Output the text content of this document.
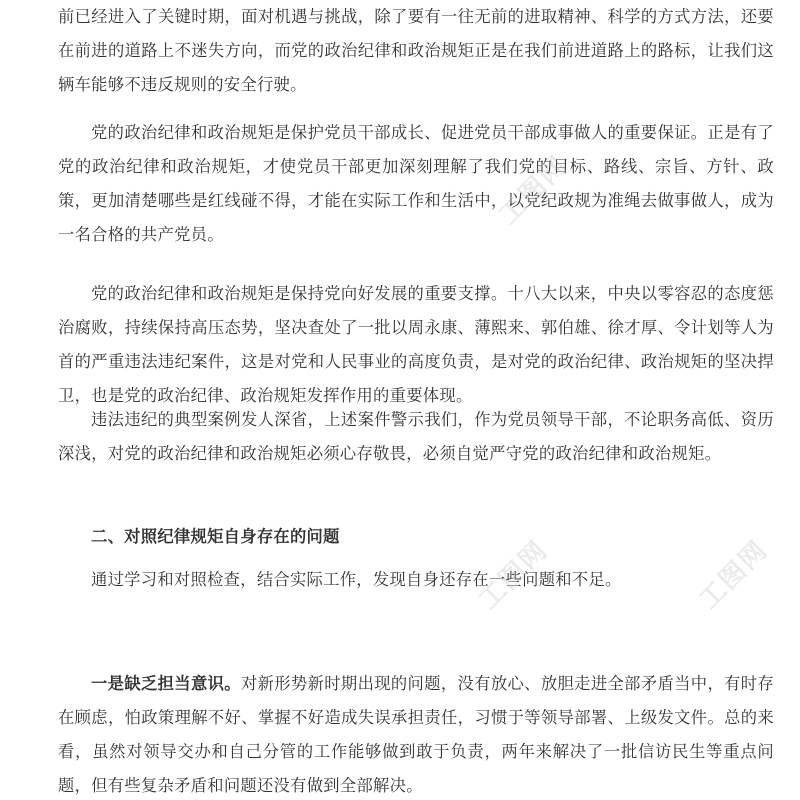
前已经进入了关键时期，面对机遇与挑战，除了要有一往无前的进取精神、科学的方式方法，还要在前进的道路上不迷失方向，而党的政治纪律和政治规矩正是在我们前进道路上的路标，让我们这辆车能够不违反规则的安全行驶。

党的政治纪律和政治规矩是保护党员干部成长、促进党员干部成事做人的重要保证。正是有了党的政治纪律和政治规矩，才使党员干部更加深刻理解了我们党的目标、路线、宗旨、方针、政策，更加清楚哪些是红线碰不得，才能在实际工作和生活中，以党纪政规为准绳去做事做人，成为一名合格的共产党员。

党的政治纪律和政治规矩是保持党向好发展的重要支撑。十八大以来，中央以零容忍的态度惩治腐败，持续保持高压态势，坚决查处了一批以周永康、薄熙来、郭伯雄、徐才厚、令计划等人为首的严重违法违纪案件，这是对党和人民事业的高度负责，是对党的政治纪律、政治规矩的坚决捍卫，也是党的政治纪律、政治规矩发挥作用的重要体现。

违法违纪的典型案例发人深省，上述案件警示我们，作为党员领导干部，不论职务高低、资历深浅，对党的政治纪律和政治规矩必须心存敬畏，必须自觉严守党的政治纪律和政治规矩。

二、对照纪律规矩自身存在的问题

通过学习和对照检查，结合实际工作，发现自身还存在一些问题和不足。

一是缺乏担当意识。对新形势新时期出现的问题，没有放心、放胆走进全部矛盾当中，有时存在顾虑，怕政策理解不好、掌握不好造成失误承担责任，习惯于等领导部署、上级发文件。总的来看，虽然对领导交办和自己分管的工作能够做到敢于负责，两年来解决了一批信访民生等重点问题，但有些复杂矛盾和问题还没有做到全部解决。

工图网
工图网	工图网
